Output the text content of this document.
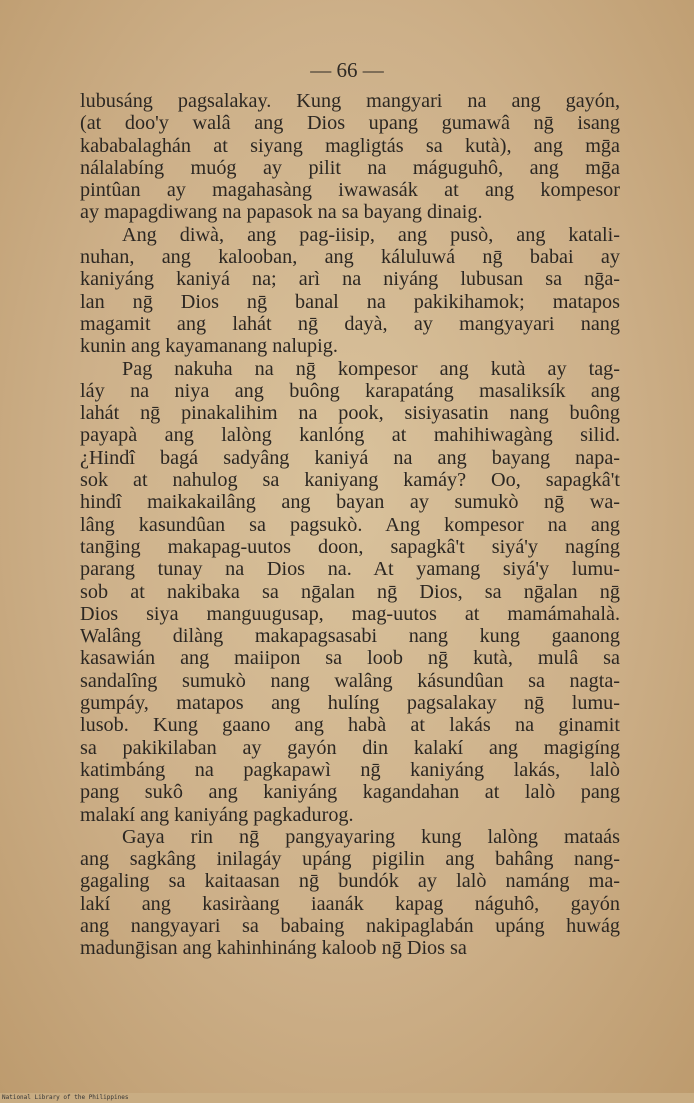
— 66 —
lubusáng pagsalakay. Kung mangyari na ang gayón,
(at doo'y walâ ang Dios upang gumawâ nḡ isang
kababalaghán at siyang magligtás sa kutà), ang mḡa
nálalabíng muóg ay pilit na máguguhô, ang mḡa
pintûan ay magahasàng iwawasák at ang kompesor
ay mapagdiwang na papasok na sa bayang dinaig.
Ang diwà, ang pag-iisip, ang pusò, ang katali-
nuhan, ang kalooban, ang káluluwá nḡ babai ay
kaniyáng kaniyá na; arì na niyáng lubusan sa nḡa-
lan nḡ Dios nḡ banal na pakikihamok; matapos
magamit ang lahát nḡ dayà, ay mangyayari nang
kunin ang kayamanang nalupig.
Pag nakuha na nḡ kompesor ang kutà ay tag-
láy na niya ang buông karapatáng masaliksík ang
lahát nḡ pinakalihim na pook, sisiyasatin nang buông
payapà ang lalòng kanlóng at mahihiwagàng silid.
¿Hindî bagá sadyâng kaniyá na ang bayang napa-
sok at nahulog sa kaniyang kamáy? Oo, sapagkâ't
hindî maikakailâng ang bayan ay sumukò nḡ wa-
lâng kasundûan sa pagsukò. Ang kompesor na ang
tanḡing makapag-uutos doon, sapagkâ't siyá'y nagíng
parang tunay na Dios na. At yamang siyá'y lumu-
sob at nakibaka sa nḡalan nḡ Dios, sa nḡalan nḡ
Dios siya manguugusap, mag-uutos at mamámahalà.
Walâng dilàng makapagsasabi nang kung gaanong
kasawián ang maiipon sa loob nḡ kutà, mulâ sa
sandalîng sumukò nang walâng kásundûan sa nagta-
gumpáy, matapos ang hulíng pagsalakay nḡ lumu-
lusob. Kung gaano ang habà at lakás na ginamit
sa pakikilaban ay gayón din kalakí ang magigíng
katimbáng na pagkapawì nḡ kaniyáng lakás, lalò
pang sukô ang kaniyáng kagandahan at lalò pang
malakí ang kaniyáng pagkadurog.
Gaya rin nḡ pangyayaring kung lalòng mataás
ang sagkâng inilagáy upáng pigilin ang bahâng nang-
gagaling sa kaitaasan nḡ bundók ay lalò namáng ma-
lakí ang kasiràang iaanák kapag náguhô, gayón
ang nangyayari sa babaing nakipaglabán upáng huwág
madunḡisan ang kahinhináng kaloob nḡ Dios sa
National Library of the Philippines
